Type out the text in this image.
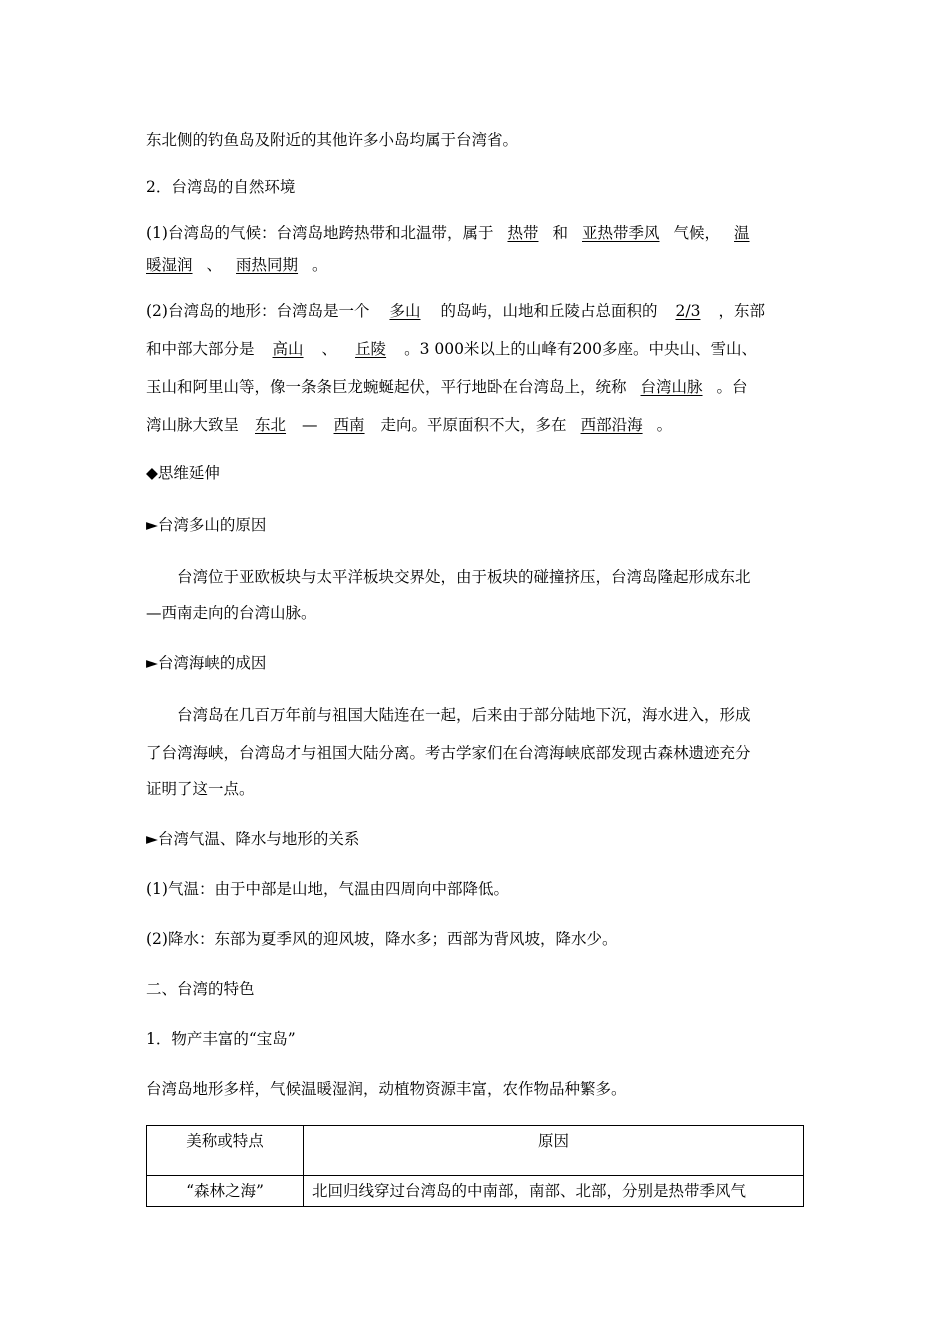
东北侧的钓鱼岛及附近的其他许多小岛均属于台湾省。
2．台湾岛的自然环境
(1)台湾岛的气候：台湾岛地跨热带和北温带，属于 热带 和 亚热带季风 气候， 温
暖湿润 、 雨热同期 。
(2)台湾岛的地形：台湾岛是一个 多山 的岛屿，山地和丘陵占总面积的 2/3 ，东部
和中部大部分是 高山 、 丘陵 。3 000米以上的山峰有200多座。中央山、雪山、
玉山和阿里山等，像一条条巨龙蜿蜒起伏，平行地卧在台湾岛上，统称 台湾山脉 。台
湾山脉大致呈 东北 — 西南 走向。平原面积不大，多在 西部沿海 。
◆思维延伸
►台湾多山的原因
台湾位于亚欧板块与太平洋板块交界处，由于板块的碰撞挤压，台湾岛隆起形成东北
—西南走向的台湾山脉。
►台湾海峡的成因
台湾岛在几百万年前与祖国大陆连在一起，后来由于部分陆地下沉，海水进入，形成
了台湾海峡，台湾岛才与祖国大陆分离。考古学家们在台湾海峡底部发现古森林遗迹充分
证明了这一点。
►台湾气温、降水与地形的关系
(1)气温：由于中部是山地，气温由四周向中部降低。
(2)降水：东部为夏季风的迎风坡，降水多；西部为背风坡，降水少。
二、台湾的特色
1．物产丰富的“宝岛”
台湾岛地形多样，气候温暖湿润，动植物资源丰富，农作物品种繁多。
美称或特点	原因
“森林之海”	北回归线穿过台湾岛的中南部，南部、北部，分别是热带季风气
